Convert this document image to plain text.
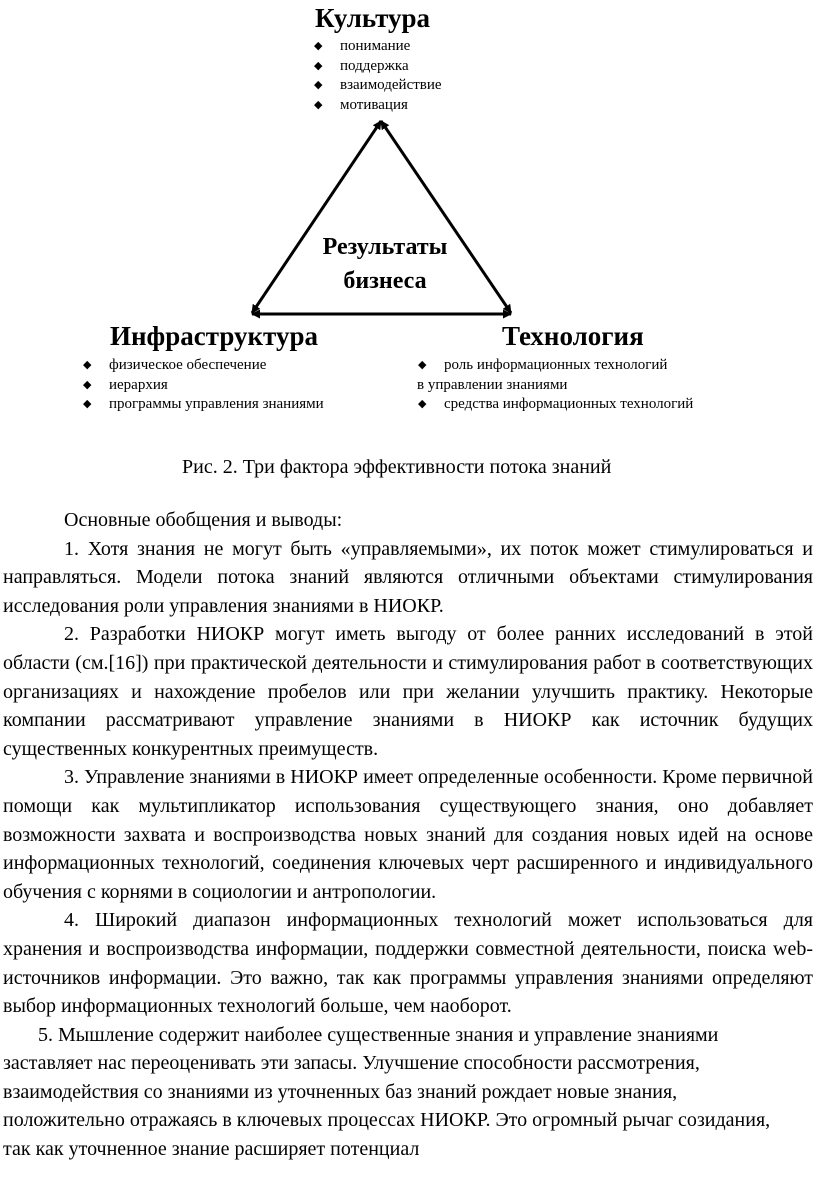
Культура
◆ понимание
◆ поддержка
◆ взаимодействие
◆ мотивация
Результаты
бизнеса
Инфраструктура
◆ физическое обеспечение
◆ иерархия
◆ программы управления знаниями
Технология
◆ роль информационных технологий
в управлении знаниями
◆ средства информационных технологий
Рис. 2. Три фактора эффективности потока знаний

Основные обобщения и выводы:

1. Хотя знания не могут быть «управляемыми», их поток может стимулироваться и направляться. Модели потока знаний являются отличными объектами стимулирования исследования роли управления знаниями в НИОКР.

2. Разработки НИОКР могут иметь выгоду от более ранних исследований в этой области (см.[16]) при практической деятельности и стимулирования работ в соответствующих организациях и нахождение пробелов или при желании улучшить практику. Некоторые компании рассматривают управление знаниями в НИОКР как источник будущих существенных конкурентных преимуществ.

3. Управление знаниями в НИОКР имеет определенные особенности. Кроме первичной помощи как мультипликатор использования существующего знания, оно добавляет возможности захвата и воспроизводства новых знаний для создания новых идей на основе информационных технологий, соединения ключевых черт расширенного и индивидуального обучения с корнями в социологии и антропологии.

4. Широкий диапазон информационных технологий может использоваться для хранения и воспроизводства информации, поддержки совместной деятельности, поиска web-источников информации. Это важно, так как программы управления знаниями определяют выбор информационных технологий больше, чем наоборот.

5. Мышление содержит наиболее существенные знания и управление знаниями заставляет нас переоценивать эти запасы. Улучшение способности рассмотрения, взаимодействия со знаниями из уточненных баз знаний рождает новые знания, положительно отражаясь в ключевых процессах НИОКР. Это огромный рычаг созидания, так как уточненное знание расширяет потенциал
